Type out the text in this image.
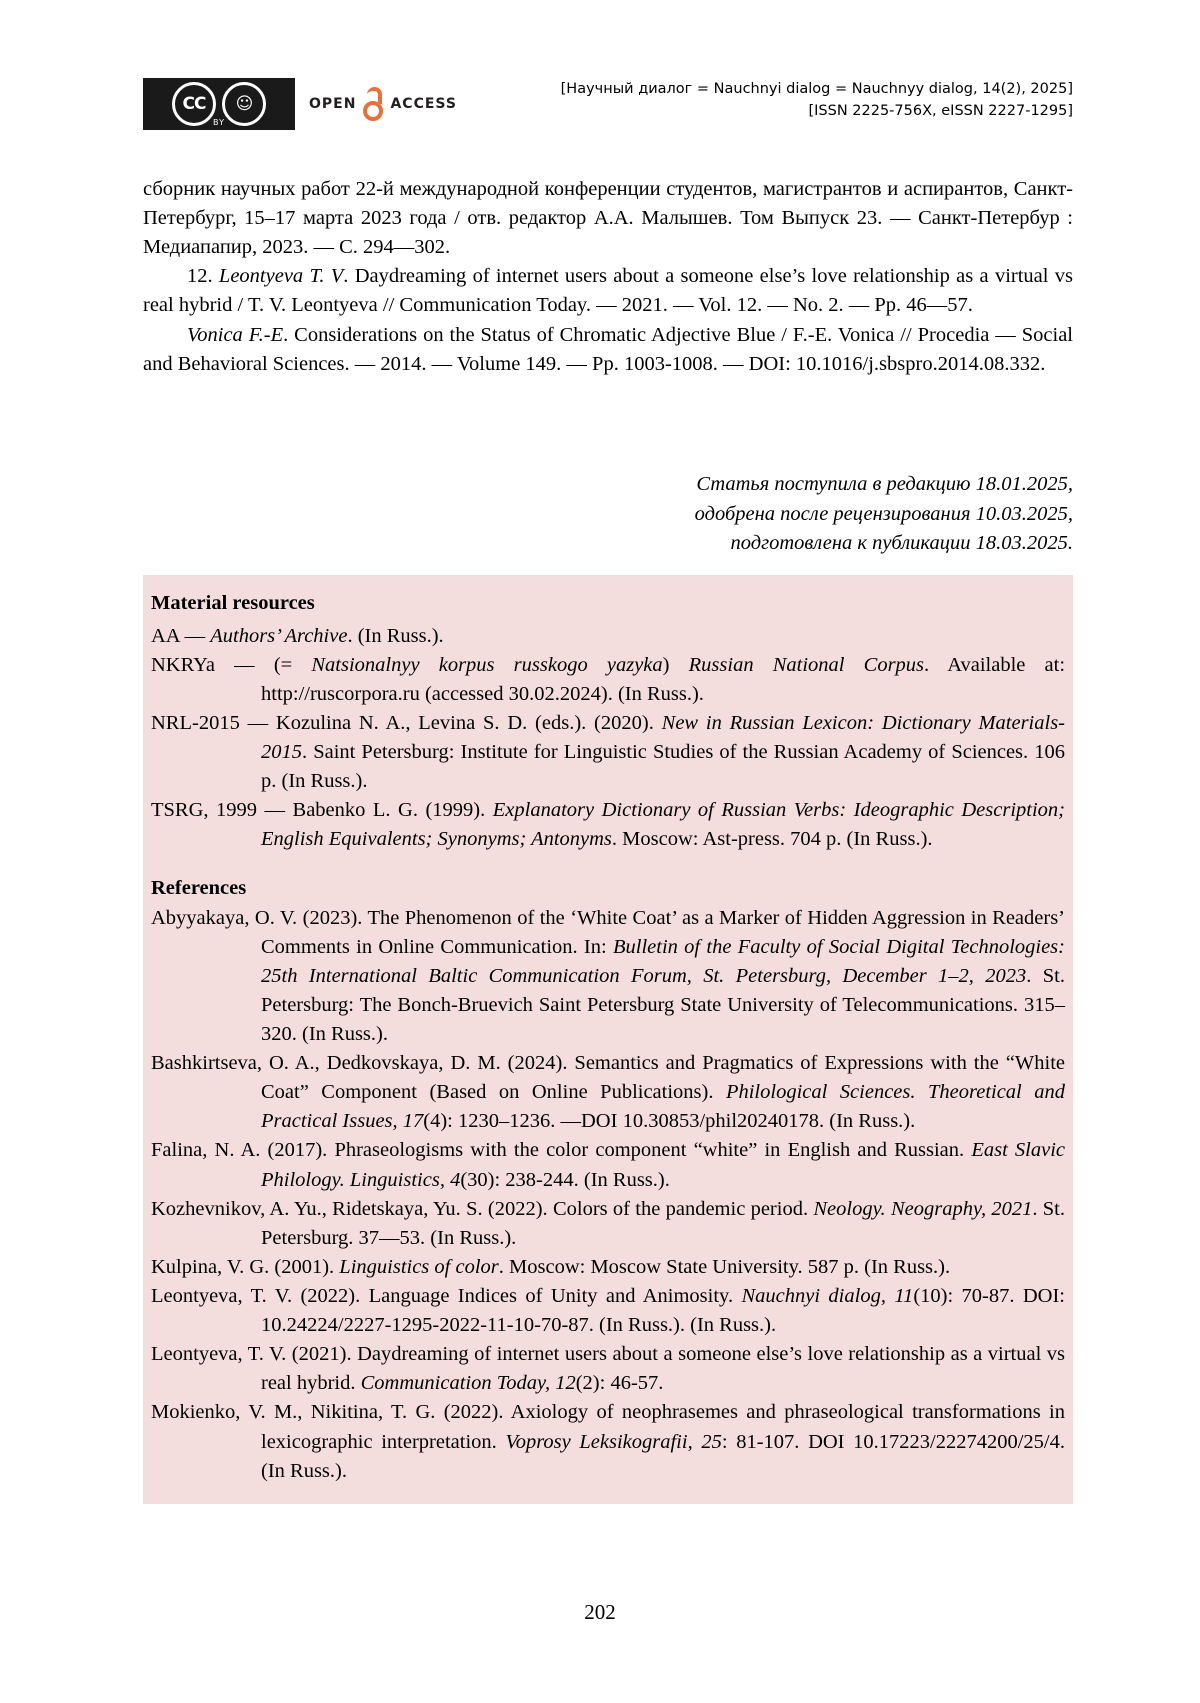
CC	☺
BY
OPEN ACCESS
[Научный диалог = Nauchnyi dialog = Nauchnyy dialog, 14(2), 2025]
[ISSN 2225-756X, eISSN 2227-1295]

сборник научных работ 22-й международной конференции студентов, магистрантов и аспирантов, Санкт-Петербург, 15–17 марта 2023 года / отв. редактор А.А. Малышев. Том Выпуск 23. — Санкт-Петербур : Медиапапир, 2023. — С. 294—302.

12. Leontyeva T. V. Daydreaming of internet users about a someone else’s love relationship as a virtual vs real hybrid / T. V. Leontyeva // Communication Today. — 2021. — Vol. 12. — No. 2. — Pp. 46—57.

Vonica F.-E. Considerations on the Status of Chromatic Adjective Blue / F.-E. Vonica // Procedia — Social and Behavioral Sciences. — 2014. — Volume 149. — Pp. 1003-1008. — DOI: 10.1016/j.sbspro.2014.08.332.

Статья поступила в редакцию 18.01.2025,
одобрена после рецензирования 10.03.2025,
подготовлена к публикации 18.03.2025.
Material resources

AA — Authors’ Archive. (In Russ.).

NKRYa — (= Natsionalnyy korpus russkogo yazyka) Russian National Corpus. Available at: http://ruscorpora.ru (accessed 30.02.2024). (In Russ.).

NRL-2015 — Kozulina N. A., Levina S. D. (eds.). (2020). New in Russian Lexicon: Dictionary Materials-2015. Saint Petersburg: Institute for Linguistic Studies of the Russian Academy of Sciences. 106 p. (In Russ.).

TSRG, 1999 — Babenko L. G. (1999). Explanatory Dictionary of Russian Verbs: Ideographic Description; English Equivalents; Synonyms; Antonyms. Moscow: Ast-press. 704 p. (In Russ.).

References

Abyyakaya, O. V. (2023). The Phenomenon of the ‘White Coat’ as a Marker of Hidden Aggression in Readers’ Comments in Online Communication. In: Bulletin of the Faculty of Social Digital Technologies: 25th International Baltic Communication Forum, St. Petersburg, December 1–2, 2023. St. Petersburg: The Bonch-Bruevich Saint Petersburg State University of Telecommunications. 315–320. (In Russ.).

Bashkirtseva, O. A., Dedkovskaya, D. M. (2024). Semantics and Pragmatics of Expressions with the “White Coat” Component (Based on Online Publications). Philological Sciences. Theoretical and Practical Issues, 17(4): 1230–1236. —DOI 10.30853/phil20240178. (In Russ.).

Falina, N. A. (2017). Phraseologisms with the color component “white” in English and Russian. East Slavic Philology. Linguistics, 4(30): 238-244. (In Russ.).

Kozhevnikov, A. Yu., Ridetskaya, Yu. S. (2022). Colors of the pandemic period. Neology. Neography, 2021. St. Petersburg. 37—53. (In Russ.).

Kulpina, V. G. (2001). Linguistics of color. Moscow: Moscow State University. 587 p. (In Russ.).

Leontyeva, T. V. (2022). Language Indices of Unity and Animosity. Nauchnyi dialog, 11(10): 70-87. DOI: 10.24224/2227-1295-2022-11-10-70-87. (In Russ.). (In Russ.).

Leontyeva, T. V. (2021). Daydreaming of internet users about a someone else’s love relationship as a virtual vs real hybrid. Communication Today, 12(2): 46-57.

Mokienko, V. M., Nikitina, T. G. (2022). Axiology of neophrasemes and phraseological transformations in lexicographic interpretation. Voprosy Leksikografii, 25: 81-107. DOI 10.17223/22274200/25/4. (In Russ.).

202
